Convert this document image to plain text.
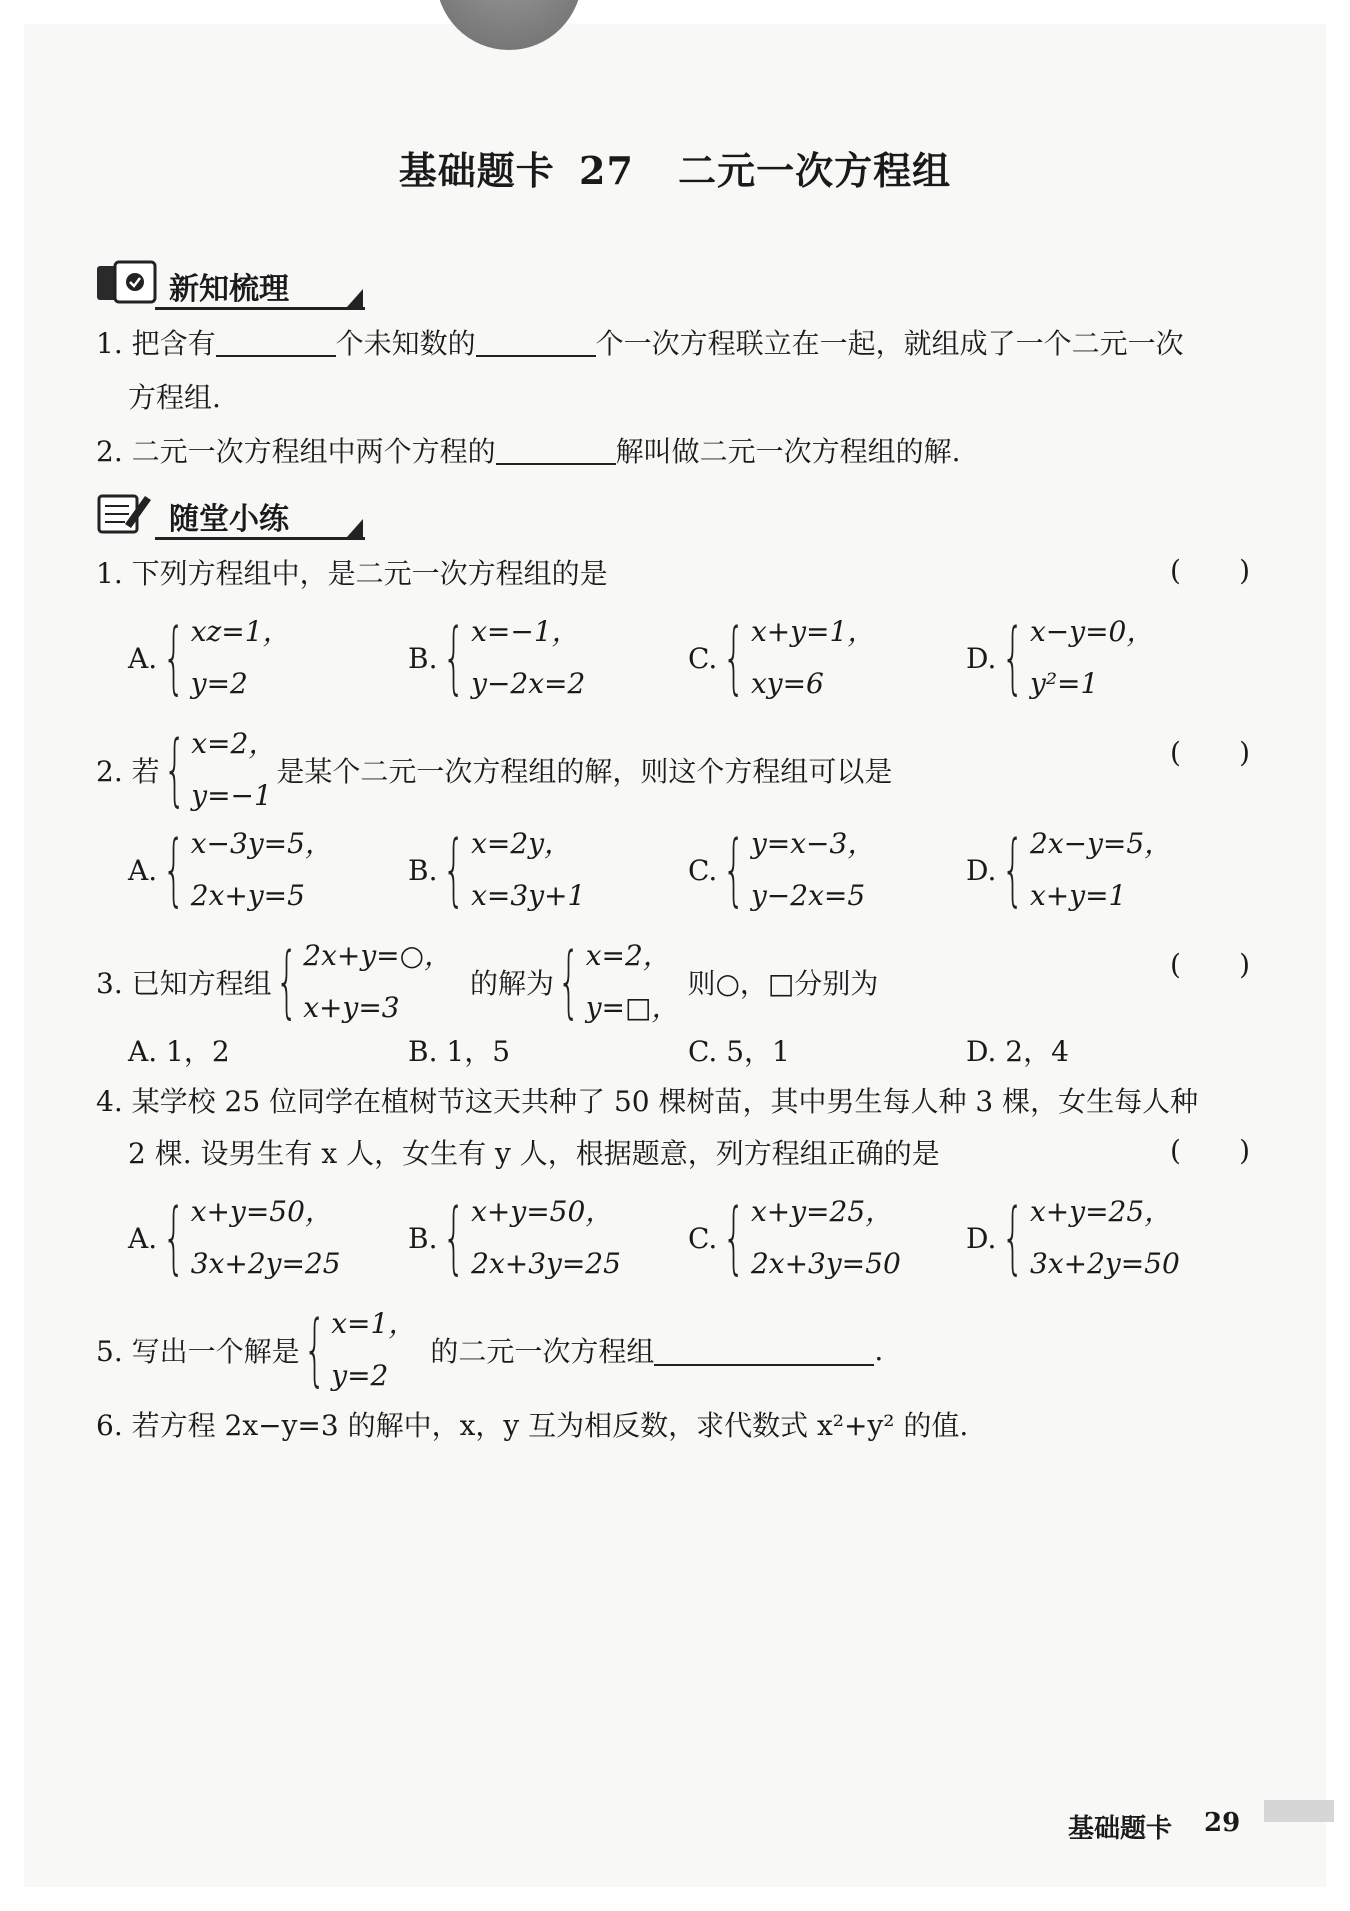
基础题卡 27 二元一次方程组
新知梳理
1. 把含有	个未知数的	个一次方程联立在一起，就组成了一个二元一次
方程组.
2. 二元一次方程组中两个方程的	解叫做二元一次方程组的解.
随堂小练
1. 下列方程组中，是二元一次方程组的是	( )
A. { xz=1，
y=2
B. { x=−1，
y−2x=2
C. { x+y=1，
xy=6
D. { x−y=0，
y²=1
2. 若 { x=2，
y=−1
是某个二元一次方程组的解，则这个方程组可以是
( )
A. { x−3y=5，
2x+y=5
B. { x=2y，
x=3y+1
C. { y=x−3，
y−2x=5
D. { 2x−y=5，
x+y=1
3. 已知方程组 { 2x+y=○，
x+y=3
的解为 { x=2，
y=□，
则○，□分别为
( )
A. 1，2	B. 1，5	C. 5，1	D. 2，4
4. 某学校 25 位同学在植树节这天共种了 50 棵树苗，其中男生每人种 3 棵，女生每人种
2 棵. 设男生有 x 人，女生有 y 人，根据题意，列方程组正确的是	( )
A. { x+y=50，
3x+2y=25
B. { x+y=50，
2x+3y=25
C. { x+y=25，
2x+3y=50
D. { x+y=25，
3x+2y=50
5. 写出一个解是 { x=1，
y=2
的二元一次方程组	.
6. 若方程 2x−y=3 的解中，x，y 互为相反数，求代数式 x²+y² 的值.
基础题卡 29
